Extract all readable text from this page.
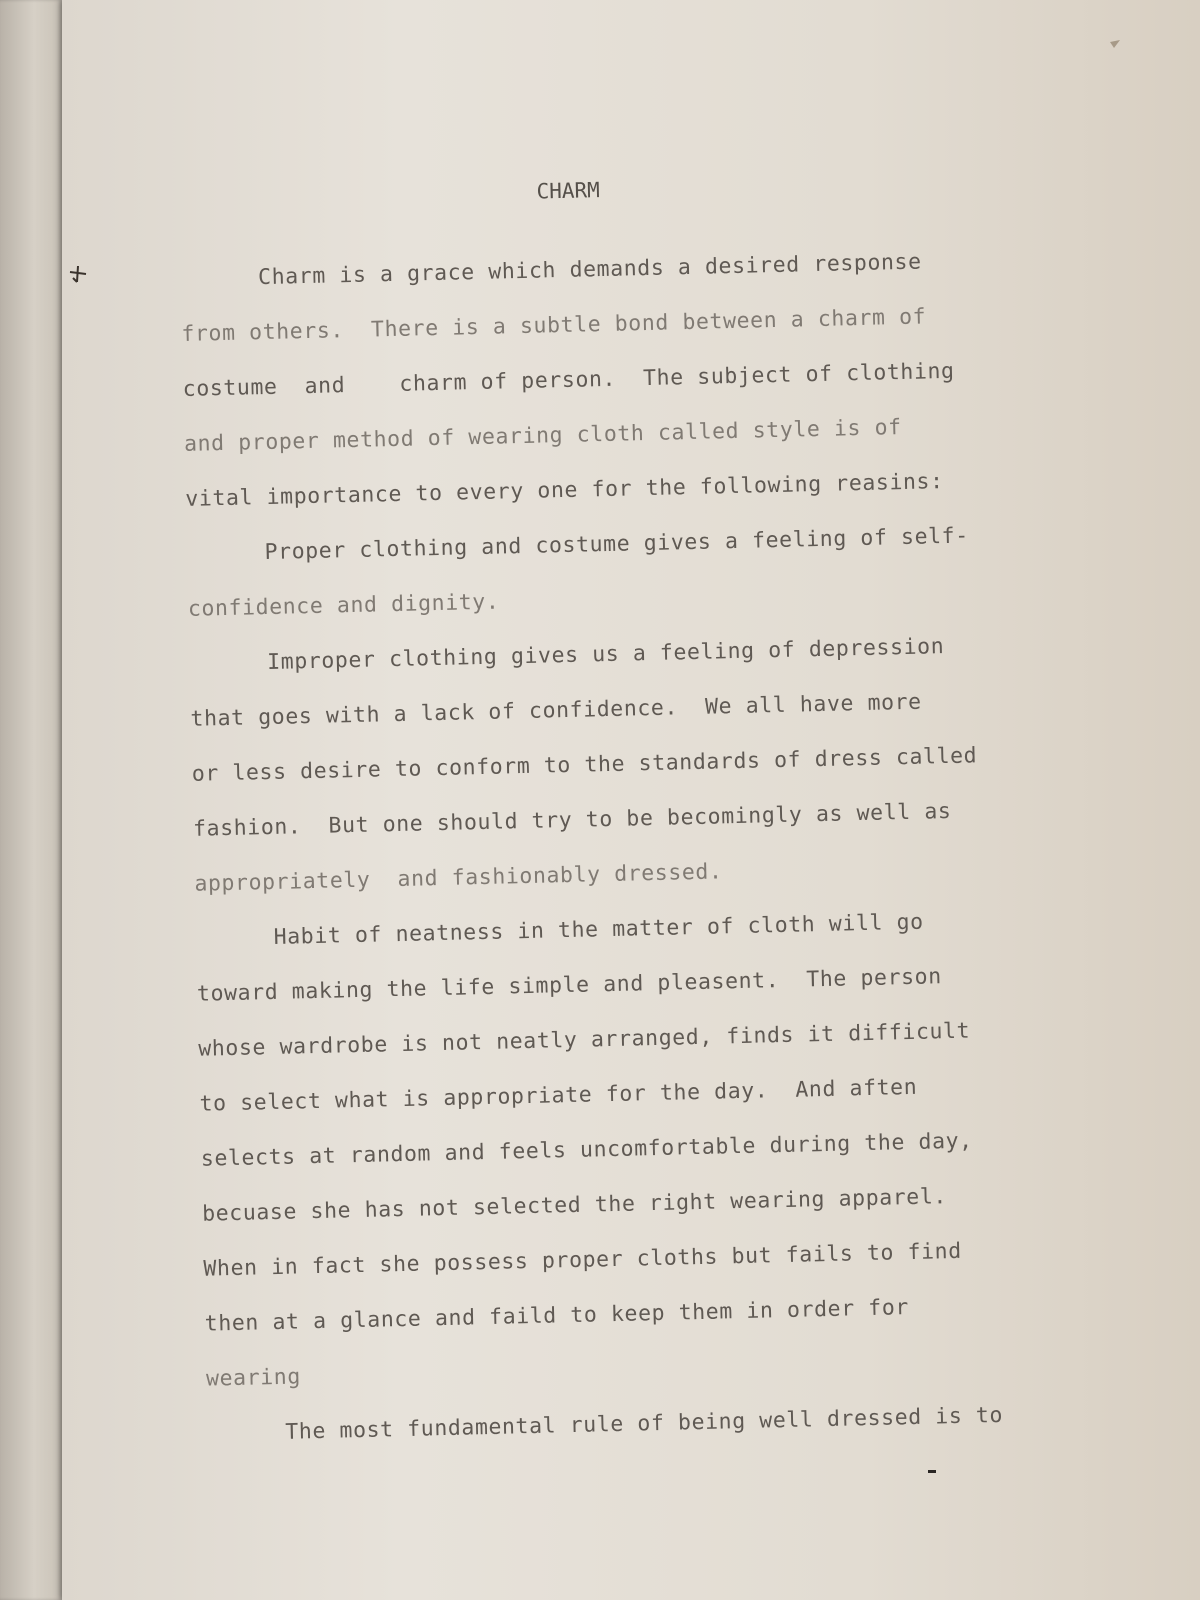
CHARM
Charm is a grace which demands a desired response
from others.  There is a subtle bond between a charm of
costume  and    charm of person.  The subject of clothing
and proper method of wearing cloth called style is of
vital importance to every one for the following reasins:
Proper clothing and costume gives a feeling of self-
confidence and dignity.
Improper clothing gives us a feeling of depression
that goes with a lack of confidence.  We all have more
or less desire to conform to the standards of dress called
fashion.  But one should try to be becomingly as well as
appropriately  and fashionably dressed.
Habit of neatness in the matter of cloth will go
toward making the life simple and pleasent.  The person
whose wardrobe is not neatly arranged, finds it difficult
to select what is appropriate for the day.  And aften
selects at random and feels uncomfortable during the day,
becuase she has not selected the right wearing apparel.
When in fact she possess proper cloths but fails to find
then at a glance and faild to keep them in order for
wearing
The most fundamental rule of being well dressed is to
